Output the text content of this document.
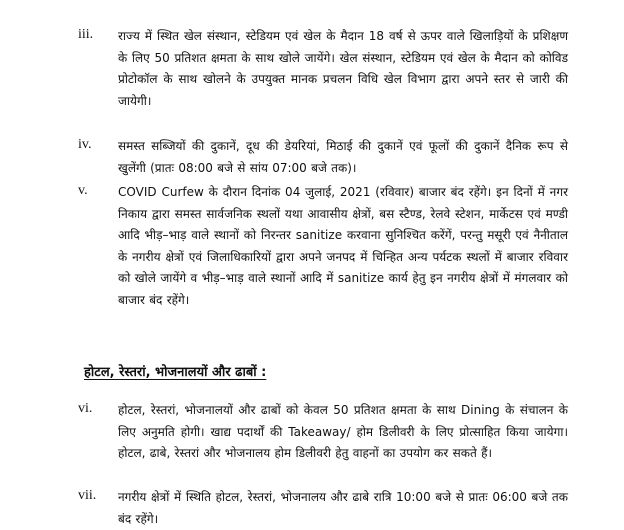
iii. राज्य में स्थित खेल संस्थान, स्टेडियम एवं खेल के मैदान 18 वर्ष से ऊपर वाले खिलाड़ियों के प्रशिक्षण के लिए 50 प्रतिशत क्षमता के साथ खोले जायेंगे। खेल संस्थान, स्टेडियम एवं खेल के मैदान को कोविड प्रोटोकॉल के साथ खोलने के उपयुक्त मानक प्रचलन विधि खेल विभाग द्वारा अपने स्तर से जारी की जायेगी।
iv. समस्त सब्जियों की दुकानें, दूध की डेयरियां, मिठाई की दुकानें एवं फूलों की दुकानें दैनिक रूप से खुलेंगी (प्रातः 08:00 बजे से सांय 07:00 बजे तक)।
v.	COVID Curfew के दौरान दिनांक 04 जुलाई, 2021 (रविवार) बाजार बंद रहेंगे। इन दिनों में नगर निकाय द्वारा समस्त सार्वजनिक स्थलों यथा आवासीय क्षेत्रों, बस स्टैण्ड, रेलवे स्टेशन, मार्केटस एवं मण्डी आदि भीड़–भाड़ वाले स्थानों को निरन्तर sanitize करवाना सुनिश्चित करेंगें, परन्तु मसूरी एवं नैनीताल के नगरीय क्षेत्रों एवं जिलाधिकारियों द्वारा अपने जनपद में चिन्हित अन्य पर्यटक स्थलों में बाजार रविवार को खोले जायेंगे व भीड़–भाड़ वाले स्थानों आदि में sanitize कार्य हेतु इन नगरीय क्षेत्रों में मंगलवार को बाजार बंद रहेंगे।
होटल, रेस्तरां, भोजनालयों और ढाबों :
vi. होटल, रेस्तरां, भोजनालयों और ढाबों को केवल 50 प्रतिशत क्षमता के साथ Dining के संचालन के लिए अनुमति होगी। खाद्य पदार्थों की Takeaway/ होम डिलीवरी के लिए प्रोत्साहित किया जायेगा। होटल, ढाबे, रेस्तरां और भोजनालय होम डिलीवरी हेतु वाहनों का उपयोग कर सकते हैं।
vii. नगरीय क्षेत्रों में स्थिति होटल, रेस्तरां, भोजनालय और ढाबे रात्रि 10:00 बजे से प्रातः 06:00 बजे तक बंद रहेंगे।
